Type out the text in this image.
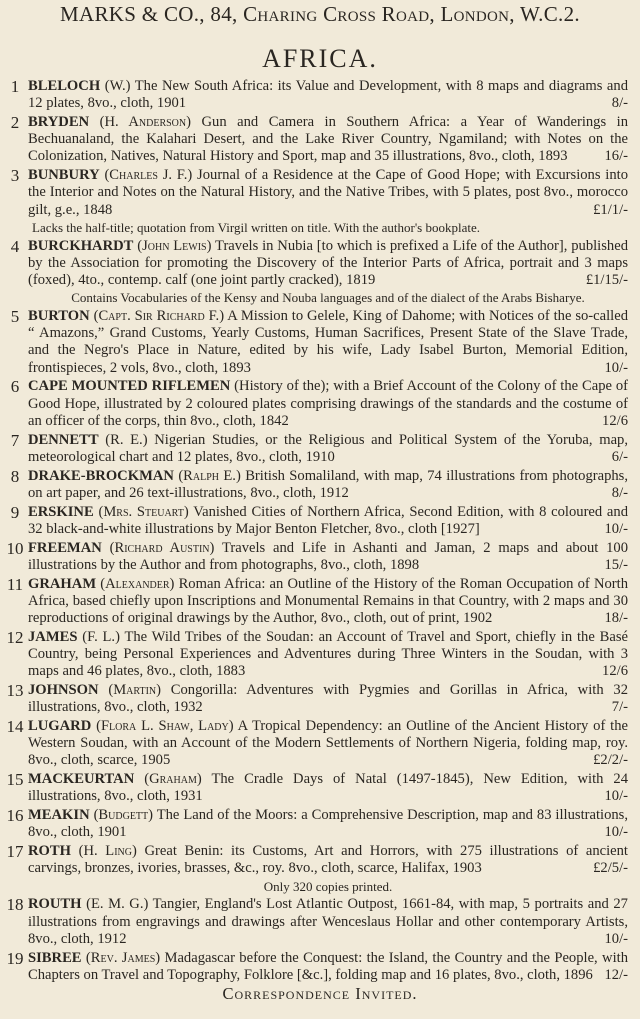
MARKS & CO., 84, Charing Cross Road, London, W.C.2.
AFRICA.
1 BLELOCH (W.) The New South Africa: its Value and Development, with 8 maps and diagrams and 12 plates, 8vo., cloth, 1901	8/-
2 BRYDEN (H. Anderson) Gun and Camera in Southern Africa: a Year of Wanderings in Bechuanaland, the Kalahari Desert, and the Lake River Country, Ngamiland; with Notes on the Colonization, Natives, Natural History and Sport, map and 35 illustrations, 8vo., cloth, 1893	16/-
3 BUNBURY (Charles J. F.) Journal of a Residence at the Cape of Good Hope; with Excursions into the Interior and Notes on the Natural History, and the Native Tribes, with 5 plates, post 8vo., morocco gilt, g.e., 1848	£1/1/-
Lacks the half-title; quotation from Virgil written on title. With the author's bookplate.
4 BURCKHARDT (John Lewis) Travels in Nubia [to which is prefixed a Life of the Author], published by the Association for promoting the Discovery of the Interior Parts of Africa, portrait and 3 maps (foxed), 4to., contemp. calf (one joint partly cracked), 1819	£1/15/-
Contains Vocabularies of the Kensy and Nouba languages and of the dialect of the Arabs Bisharye.
5 BURTON (Capt. Sir Richard F.) A Mission to Gelele, King of Dahome; with Notices of the so-called “ Amazons,” Grand Customs, Yearly Customs, Human Sacrifices, Present State of the Slave Trade, and the Negro's Place in Nature, edited by his wife, Lady Isabel Burton, Memorial Edition, frontispieces, 2 vols, 8vo., cloth, 1893	10/-
6 CAPE MOUNTED RIFLEMEN (History of the); with a Brief Account of the Colony of the Cape of Good Hope, illustrated by 2 coloured plates comprising drawings of the standards and the costume of an officer of the corps, thin 8vo., cloth, 1842	12/6
7 DENNETT (R. E.) Nigerian Studies, or the Religious and Political System of the Yoruba, map, meteorological chart and 12 plates, 8vo., cloth, 1910	6/-
8 DRAKE-BROCKMAN (Ralph E.) British Somaliland, with map, 74 illustrations from photographs, on art paper, and 26 text-illustrations, 8vo., cloth, 1912	8/-
9 ERSKINE (Mrs. Steuart) Vanished Cities of Northern Africa, Second Edition, with 8 coloured and 32 black-and-white illustrations by Major Benton Fletcher, 8vo., cloth [1927]	10/-
10 FREEMAN (Richard Austin) Travels and Life in Ashanti and Jaman, 2 maps and about 100 illustrations by the Author and from photographs, 8vo., cloth, 1898	15/-
11 GRAHAM (Alexander) Roman Africa: an Outline of the History of the Roman Occupation of North Africa, based chiefly upon Inscriptions and Monumental Remains in that Country, with 2 maps and 30 reproductions of original drawings by the Author, 8vo., cloth, out of print, 1902	18/-
12 JAMES (F. L.) The Wild Tribes of the Soudan: an Account of Travel and Sport, chiefly in the Basé Country, being Personal Experiences and Adventures during Three Winters in the Soudan, with 3 maps and 46 plates, 8vo., cloth, 1883	12/6
13 JOHNSON (Martin) Congorilla: Adventures with Pygmies and Gorillas in Africa, with 32 illustrations, 8vo., cloth, 1932	7/-
14 LUGARD (Flora L. Shaw, Lady) A Tropical Dependency: an Outline of the Ancient History of the Western Soudan, with an Account of the Modern Settlements of Northern Nigeria, folding map, roy. 8vo., cloth, scarce, 1905	£2/2/-
15 MACKEURTAN (Graham) The Cradle Days of Natal (1497-1845), New Edition, with 24 illustrations, 8vo., cloth, 1931	10/-
16 MEAKIN (Budgett) The Land of the Moors: a Comprehensive Description, map and 83 illustrations, 8vo., cloth, 1901	10/-
17 ROTH (H. Ling) Great Benin: its Customs, Art and Horrors, with 275 illustrations of ancient carvings, bronzes, ivories, brasses, &c., roy. 8vo., cloth, scarce, Halifax, 1903	£2/5/-
Only 320 copies printed.
18 ROUTH (E. M. G.) Tangier, England's Lost Atlantic Outpost, 1661-84, with map, 5 portraits and 27 illustrations from engravings and drawings after Wenceslaus Hollar and other contemporary Artists, 8vo., cloth, 1912	10/-
19 SIBREE (Rev. James) Madagascar before the Conquest: the Island, the Country and the People, with Chapters on Travel and Topography, Folklore [&c.], folding map and 16 plates, 8vo., cloth, 1896 12/-
Correspondence Invited.
